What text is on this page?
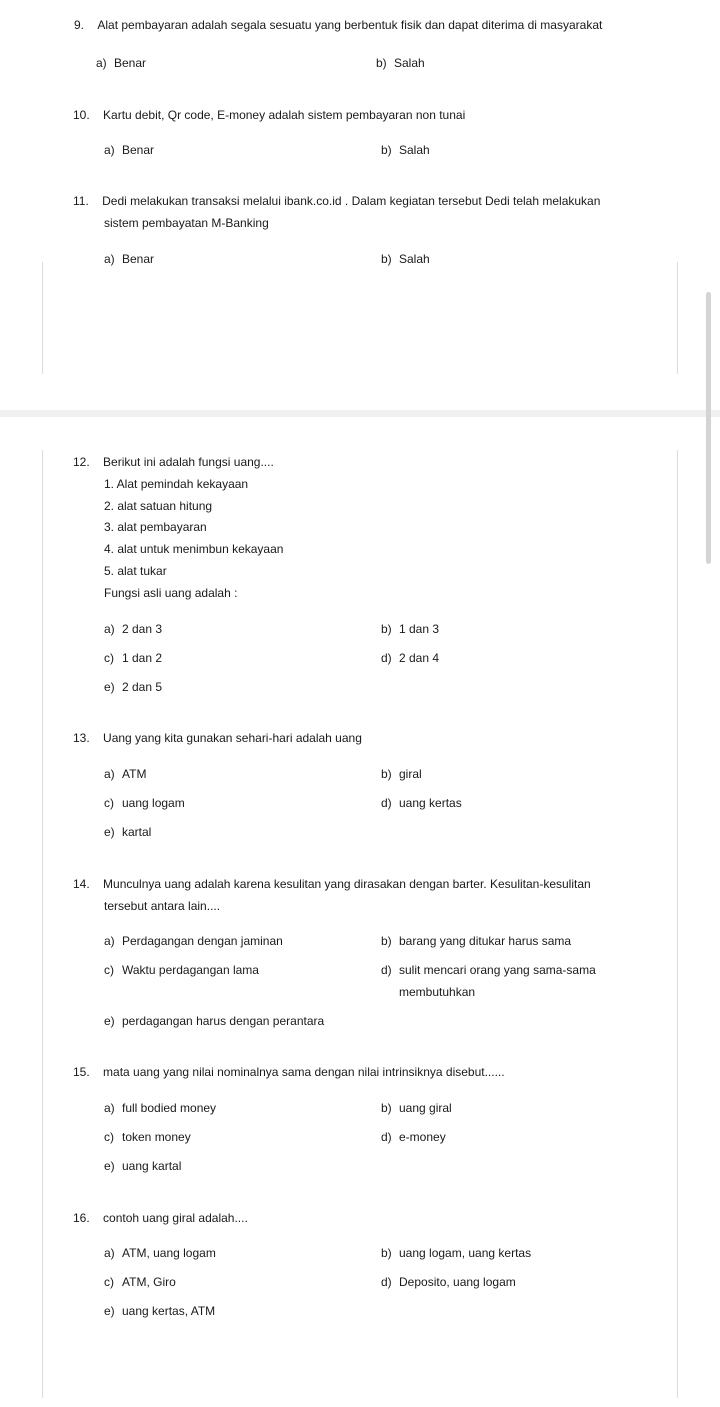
9. Alat pembayaran adalah segala sesuatu yang berbentuk fisik dan dapat diterima di masyarakat
a) Benar	b) Salah
10. Kartu debit, Qr code, E-money adalah sistem pembayaran non tunai
a) Benar	b) Salah
11. Dedi melakukan transaksi melalui ibank.co.id . Dalam kegiatan tersebut Dedi telah melakukan
sistem pembayatan M-Banking
a) Benar	b) Salah
12. Berikut ini adalah fungsi uang....
1. Alat pemindah kekayaan
2. alat satuan hitung
3. alat pembayaran
4. alat untuk menimbun kekayaan
5. alat tukar
Fungsi asli uang adalah :
a) 2 dan 3	b) 1 dan 3
c) 1 dan 2	d) 2 dan 4
e) 2 dan 5
13. Uang yang kita gunakan sehari-hari adalah uang
a) ATM	b) giral
c) uang logam	d) uang kertas
e) kartal
14. Munculnya uang adalah karena kesulitan yang dirasakan dengan barter. Kesulitan-kesulitan
tersebut antara lain....
a) Perdagangan dengan jaminan	b) barang yang ditukar harus sama
c) Waktu perdagangan lama	d) sulit mencari orang yang sama-sama
membutuhkan
e) perdagangan harus dengan perantara
15. mata uang yang nilai nominalnya sama dengan nilai intrinsiknya disebut......
a) full bodied money	b) uang giral
c) token money	d) e-money
e) uang kartal
16. contoh uang giral adalah....
a) ATM, uang logam	b) uang logam, uang kertas
c) ATM, Giro	d) Deposito, uang logam
e) uang kertas, ATM
